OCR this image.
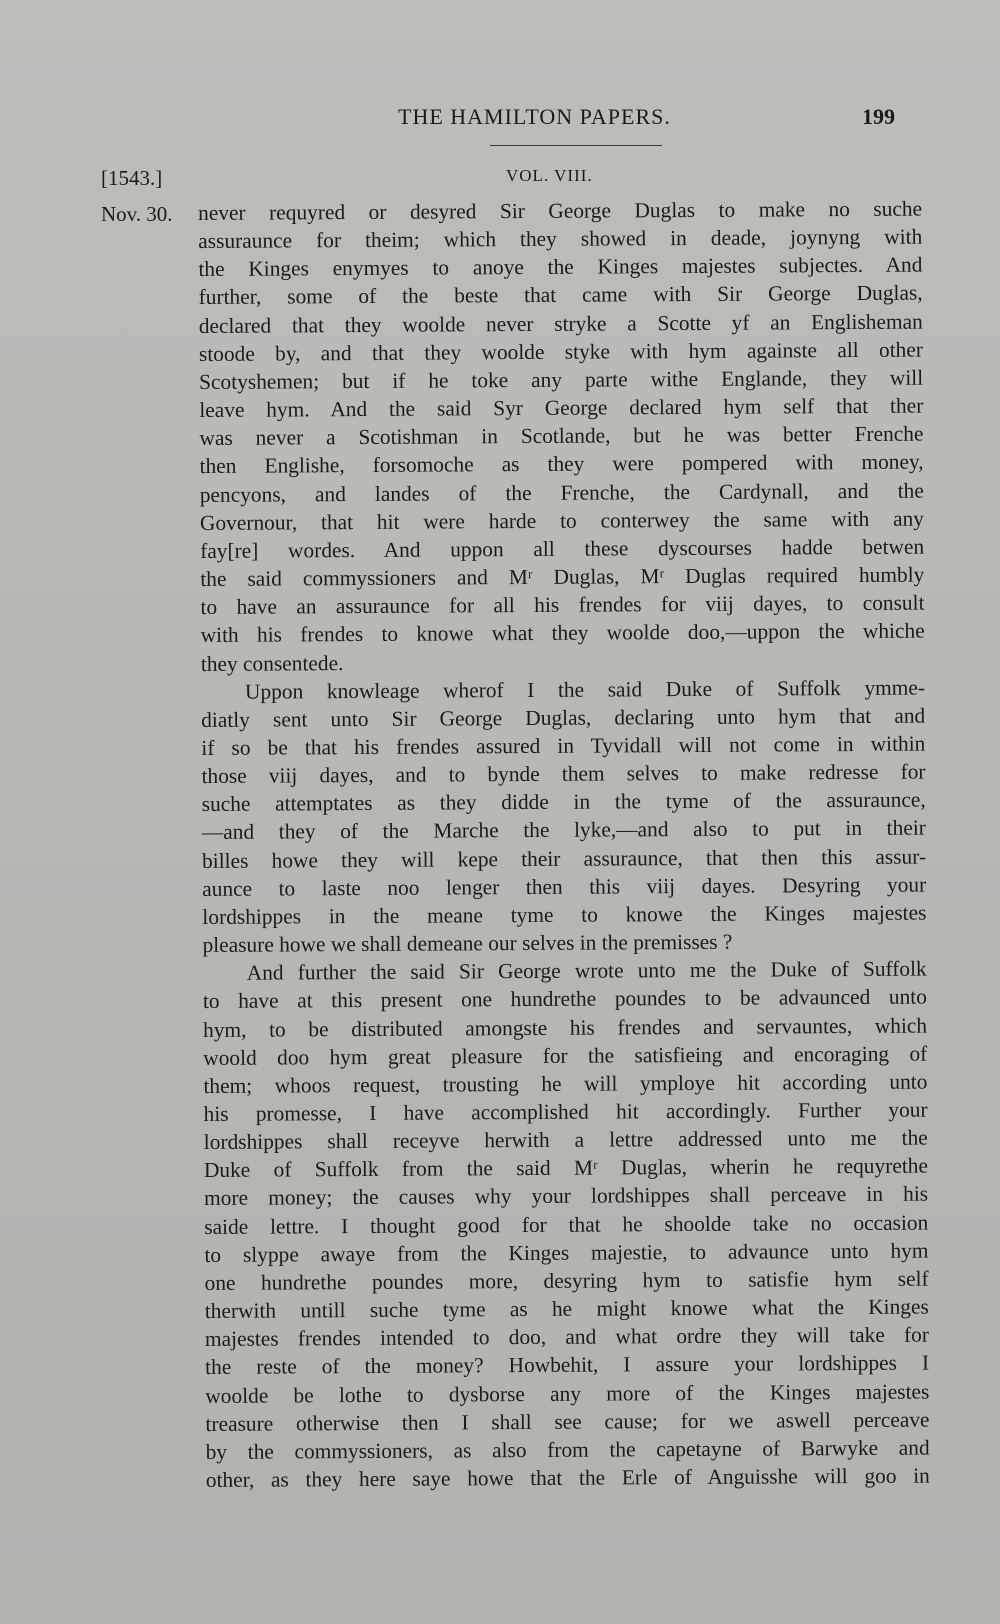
THE HAMILTON PAPERS.	199
[1543.]	VOL. VIII.
Nov. 30. never requyred or desyred Sir George Duglas to make no suche
assuraunce for theim; which they showed in deade, joynyng with
the Kinges enymyes to anoye the Kinges majestes subjectes. And
further, some of the beste that came with Sir George Duglas,
declared that they woolde never stryke a Scotte yf an Englisheman
stoode by, and that they woolde styke with hym againste all other
Scotyshemen; but if he toke any parte withe Englande, they will
leave hym. And the said Syr George declared hym self that ther
was never a Scotishman in Scotlande, but he was better Frenche
then Englishe, forsomoche as they were pompered with money,
pencyons, and landes of the Frenche, the Cardynall, and the
Governour, that hit were harde to conterwey the same with any
fay[re] wordes. And uppon all these dyscourses hadde betwen
the said commyssioners and Mʳ Duglas, Mʳ Duglas required humbly
to have an assuraunce for all his frendes for viij dayes, to consult
with his frendes to knowe what they woolde doo,—uppon the whiche
they consentede.

Uppon knowleage wherof I the said Duke of Suffolk ymme-
diatly sent unto Sir George Duglas, declaring unto hym that and
if so be that his frendes assured in Tyvidall will not come in within
those viij dayes, and to bynde them selves to make redresse for
suche attemptates as they didde in the tyme of the assuraunce,
—and they of the Marche the lyke,—and also to put in their
billes howe they will kepe their assuraunce, that then this assur-
aunce to laste noo lenger then this viij dayes. Desyring your
lordshippes in the meane tyme to knowe the Kinges majestes
pleasure howe we shall demeane our selves in the premisses ?

And further the said Sir George wrote unto me the Duke of Suffolk
to have at this present one hundrethe poundes to be advaunced unto
hym, to be distributed amongste his frendes and servauntes, which
woold doo hym great pleasure for the satisfieing and encoraging of
them; whoos request, trousting he will ymploye hit according unto
his promesse, I have accomplished hit accordingly. Further your
lordshippes shall receyve herwith a lettre addressed unto me the
Duke of Suffolk from the said Mʳ Duglas, wherin he requyrethe
more money; the causes why your lordshippes shall perceave in his
saide lettre. I thought good for that he shoolde take no occasion
to slyppe awaye from the Kinges majestie, to advaunce unto hym
one hundrethe poundes more, desyring hym to satisfie hym self
therwith untill suche tyme as he might knowe what the Kinges
majestes frendes intended to doo, and what ordre they will take for
the reste of the money? Howbehit, I assure your lordshippes I
woolde be lothe to dysborse any more of the Kinges majestes
treasure otherwise then I shall see cause; for we aswell perceave
by the commyssioners, as also from the capetayne of Barwyke and
other, as they here saye howe that the Erle of Anguisshe will goo in
